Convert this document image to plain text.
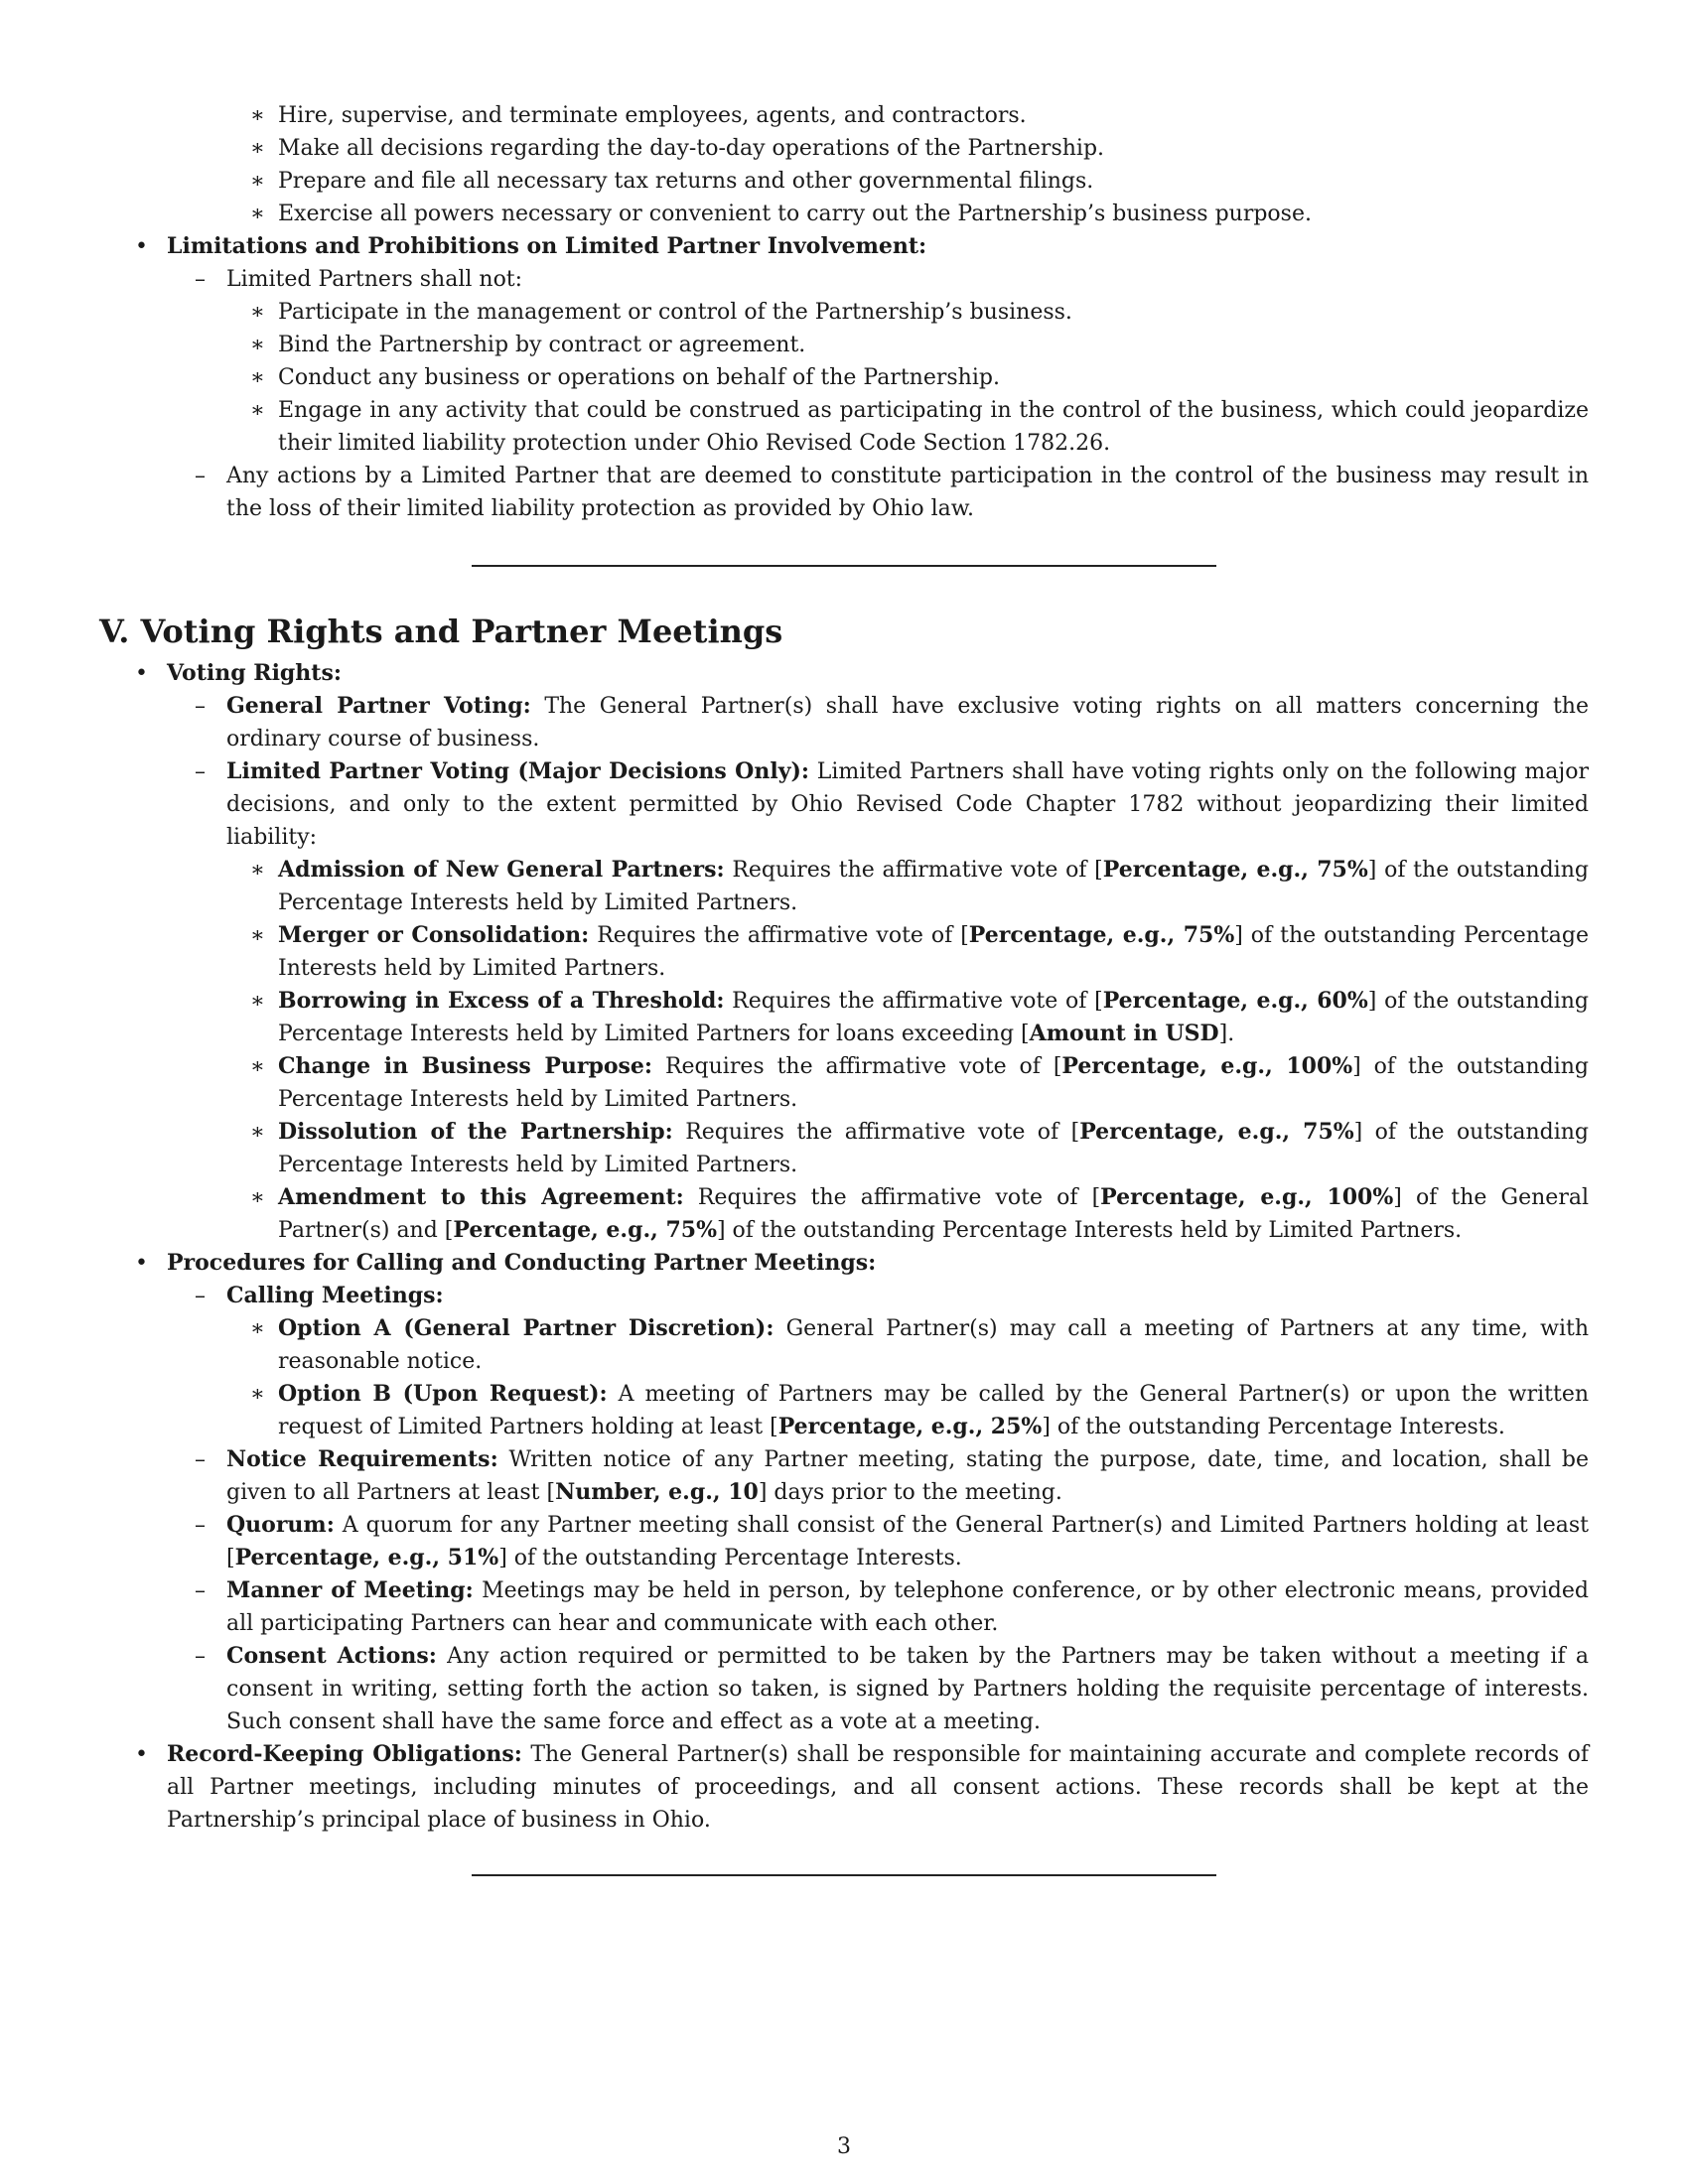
∗ Hire, supervise, and terminate employees, agents, and contractors.
∗ Make all decisions regarding the day-to-day operations of the Partnership.
∗ Prepare and file all necessary tax returns and other governmental filings.
∗ Exercise all powers necessary or convenient to carry out the Partnership’s business purpose.
• Limitations and Prohibitions on Limited Partner Involvement:
– Limited Partners shall not:
∗ Participate in the management or control of the Partnership’s business.
∗ Bind the Partnership by contract or agreement.
∗ Conduct any business or operations on behalf of the Partnership.
∗ Engage in any activity that could be construed as participating in the control of the business, which could jeopardize their limited liability protection under Ohio Revised Code Section 1782.26.
– Any actions by a Limited Partner that are deemed to constitute participation in the control of the business may result in the loss of their limited liability protection as provided by Ohio law.
V. Voting Rights and Partner Meetings
• Voting Rights:
– General Partner Voting: The General Partner(s) shall have exclusive voting rights on all matters concerning the ordinary course of business.
– Limited Partner Voting (Major Decisions Only): Limited Partners shall have voting rights only on the following major decisions, and only to the extent permitted by Ohio Revised Code Chapter 1782 without jeopardizing their limited liability:
∗ Admission of New General Partners: Requires the affirmative vote of [Percentage, e.g., 75%] of the outstanding Percentage Interests held by Limited Partners.
∗ Merger or Consolidation: Requires the affirmative vote of [Percentage, e.g., 75%] of the outstanding Percentage Interests held by Limited Partners.
∗ Borrowing in Excess of a Threshold: Requires the affirmative vote of [Percentage, e.g., 60%] of the outstanding Percentage Interests held by Limited Partners for loans exceeding [Amount in USD].
∗ Change in Business Purpose: Requires the affirmative vote of [Percentage, e.g., 100%] of the outstanding Percentage Interests held by Limited Partners.
∗ Dissolution of the Partnership: Requires the affirmative vote of [Percentage, e.g., 75%] of the outstanding Percentage Interests held by Limited Partners.
∗ Amendment to this Agreement: Requires the affirmative vote of [Percentage, e.g., 100%] of the General Partner(s) and [Percentage, e.g., 75%] of the outstanding Percentage Interests held by Limited Partners.
• Procedures for Calling and Conducting Partner Meetings:
– Calling Meetings:
∗ Option A (General Partner Discretion): General Partner(s) may call a meeting of Partners at any time, with reasonable notice.
∗ Option B (Upon Request): A meeting of Partners may be called by the General Partner(s) or upon the written request of Limited Partners holding at least [Percentage, e.g., 25%] of the outstanding Percentage Interests.
– Notice Requirements: Written notice of any Partner meeting, stating the purpose, date, time, and location, shall be given to all Partners at least [Number, e.g., 10] days prior to the meeting.
– Quorum: A quorum for any Partner meeting shall consist of the General Partner(s) and Limited Partners holding at least [Percentage, e.g., 51%] of the outstanding Percentage Interests.
– Manner of Meeting: Meetings may be held in person, by telephone conference, or by other electronic means, provided all participating Partners can hear and communicate with each other.
– Consent Actions: Any action required or permitted to be taken by the Partners may be taken without a meeting if a consent in writing, setting forth the action so taken, is signed by Partners holding the requisite percentage of interests. Such consent shall have the same force and effect as a vote at a meeting.
• Record-Keeping Obligations: The General Partner(s) shall be responsible for maintaining accurate and complete records of all Partner meetings, including minutes of proceedings, and all consent actions. These records shall be kept at the Partnership’s principal place of business in Ohio.
3
